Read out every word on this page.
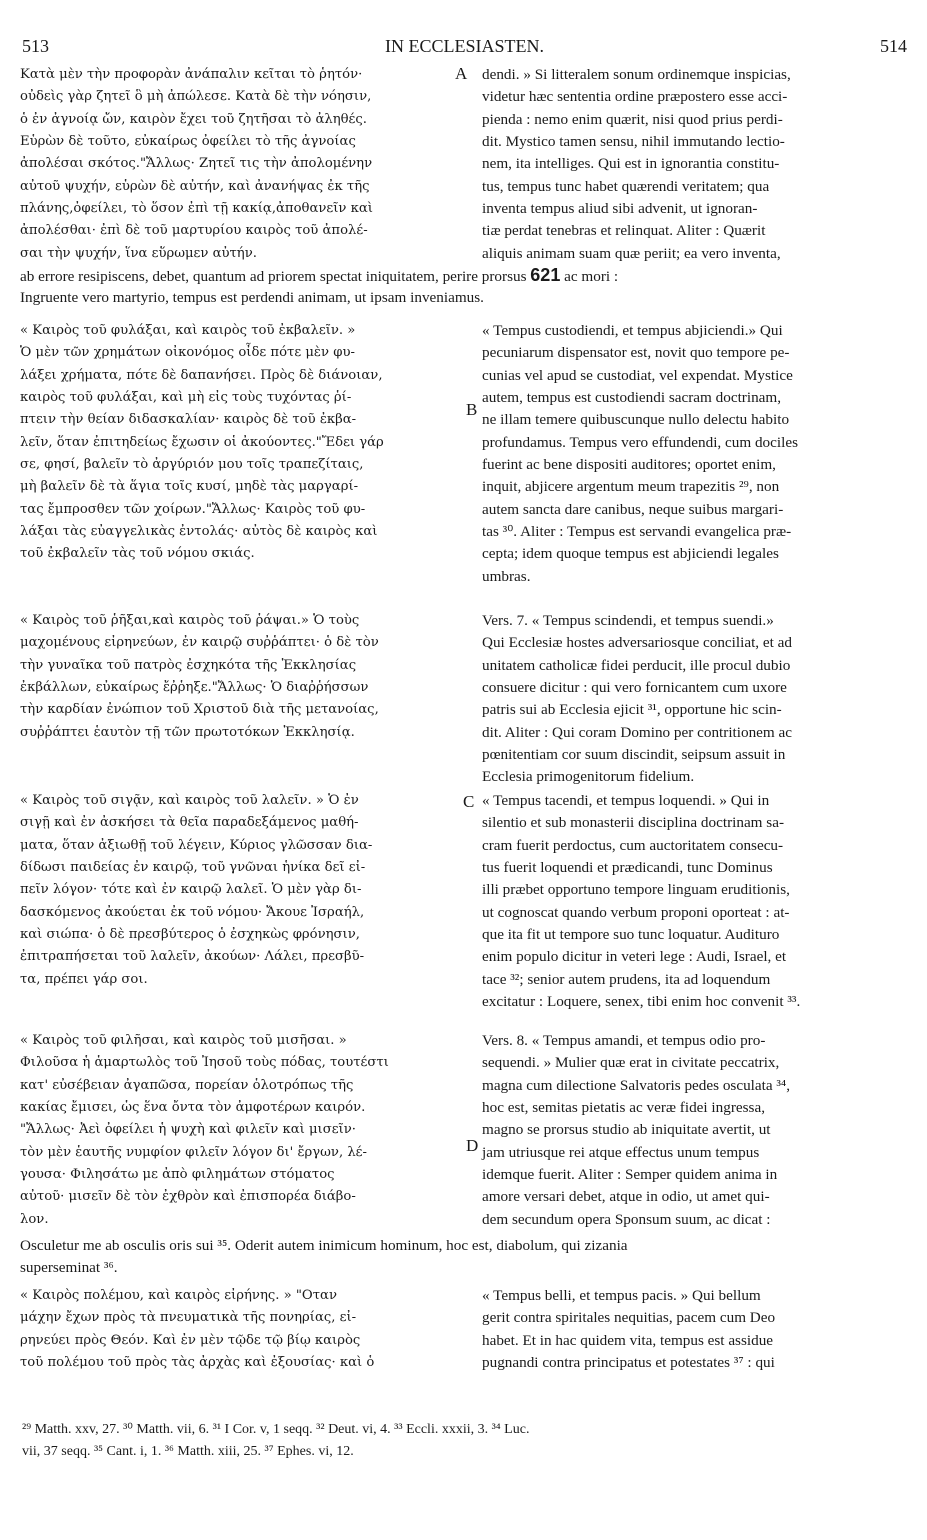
513	IN ECCLESIASTEN.	514
A
B
C
D
Κατὰ μὲν τὴν προφορὰν ἀνάπαλιν κεῖται τὸ ῥητόν·
οὐδεὶς γὰρ ζητεῖ ὃ μὴ ἀπώλεσε. Κατὰ δὲ τὴν νόησιν,
ὁ ἐν ἀγνοίᾳ ὤν, καιρὸν ἔχει τοῦ ζητῆσαι τὸ ἀληθές.
Εὑρὼν δὲ τοῦτο, εὐκαίρως ὀφείλει τὸ τῆς ἀγνοίας
ἀπολέσαι σκότος."Ἄλλως· Ζητεῖ τις τὴν ἀπολομένην
αὐτοῦ ψυχήν, εὑρὼν δὲ αὐτήν, καὶ ἀνανήψας ἐκ τῆς
πλάνης,ὀφείλει, τὸ ὅσον ἐπὶ τῇ κακίᾳ,ἀποθανεῖν καὶ
ἀπολέσθαι· ἐπὶ δὲ τοῦ μαρτυρίου καιρὸς τοῦ ἀπολέ-
σαι τὴν ψυχήν, ἵνα εὕρωμεν αὐτήν.
dendi. » Si litteralem sonum ordinemque inspicias,
videtur hæc sententia ordine præpostero esse acci-
pienda : nemo enim quærit, nisi quod prius perdi-
dit. Mystico tamen sensu, nihil immutando lectio-
nem, ita intelliges. Qui est in ignorantia constitu-
tus, tempus tunc habet quærendi veritatem; qua
inventa tempus aliud sibi advenit, ut ignoran-
tiæ perdat tenebras et relinquat. Aliter : Quærit
aliquis animam suam quæ periit; ea vero inventa,
ab errore resipiscens, debet, quantum ad priorem spectat iniquitatem, perire prorsus 621 ac mori :
Ingruente vero martyrio, tempus est perdendi animam, ut ipsam inveniamus.
« Καιρὸς τοῦ φυλάξαι, καὶ καιρὸς τοῦ ἐκβαλεῖν. »
Ὁ μὲν τῶν χρημάτων οἰκονόμος οἶδε πότε μὲν φυ-
λάξει χρήματα, πότε δὲ δαπανήσει. Πρὸς δὲ διάνοιαν,
καιρὸς τοῦ φυλάξαι, καὶ μὴ εἰς τοὺς τυχόντας ῥί-
πτειν τὴν θείαν διδασκαλίαν· καιρὸς δὲ τοῦ ἐκβα-
λεῖν, ὅταν ἐπιτηδείως ἔχωσιν οἱ ἀκούοντες."Ἔδει γάρ
σε, φησί, βαλεῖν τὸ ἀργύριόν μου τοῖς τραπεζίταις,
μὴ βαλεῖν δὲ τὰ ἅγια τοῖς κυσί, μηδὲ τὰς μαργαρί-
τας ἔμπροσθεν τῶν χοίρων."Ἄλλως· Καιρὸς τοῦ φυ-
λάξαι τὰς εὐαγγελικὰς ἐντολάς· αὐτὸς δὲ καιρὸς καὶ
τοῦ ἐκβαλεῖν τὰς τοῦ νόμου σκιάς.
« Tempus custodiendi, et tempus abjiciendi.» Qui
pecuniarum dispensator est, novit quo tempore pe-
cunias vel apud se custodiat, vel expendat. Mystice
autem, tempus est custodiendi sacram doctrinam,
ne illam temere quibuscunque nullo delectu habito
profundamus. Tempus vero effundendi, cum dociles
fuerint ac bene dispositi auditores; oportet enim,
inquit, abjicere argentum meum trapezitis ²⁹, non
autem sancta dare canibus, neque suibus margari-
tas ³⁰. Aliter : Tempus est servandi evangelica præ-
cepta; idem quoque tempus est abjiciendi legales
umbras.
« Καιρὸς τοῦ ῥῆξαι,καὶ καιρὸς τοῦ ῥάψαι.» Ὁ τοὺς
μαχομένους εἰρηνεύων, ἐν καιρῷ συῤῥάπτει· ὁ δὲ τὸν
τὴν γυναῖκα τοῦ πατρὸς ἐσχηκότα τῆς Ἐκκλησίας
ἐκβάλλων, εὐκαίρως ἔῤῥηξε."Ἄλλως· Ὁ διαῤῥήσσων
τὴν καρδίαν ἐνώπιον τοῦ Χριστοῦ διὰ τῆς μετανοίας,
συῤῥάπτει ἑαυτὸν τῇ τῶν πρωτοτόκων Ἐκκλησίᾳ.
Vers. 7. « Tempus scindendi, et tempus suendi.»
Qui Ecclesiæ hostes adversariosque conciliat, et ad
unitatem catholicæ fidei perducit, ille procul dubio
consuere dicitur : qui vero fornicantem cum uxore
patris sui ab Ecclesia ejicit ³¹, opportune hic scin-
dit. Aliter : Qui coram Domino per contritionem ac
pœnitentiam cor suum discindit, seipsum assuit in
Ecclesia primogenitorum fidelium.
« Καιρὸς τοῦ σιγᾷν, καὶ καιρὸς τοῦ λαλεῖν. » Ὁ ἐν
σιγῇ καὶ ἐν ἀσκήσει τὰ θεῖα παραδεξάμενος μαθή-
ματα, ὅταν ἀξιωθῇ τοῦ λέγειν, Κύριος γλῶσσαν δια-
δίδωσι παιδείας ἐν καιρῷ, τοῦ γνῶναι ἡνίκα δεῖ εἰ-
πεῖν λόγον· τότε καὶ ἐν καιρῷ λαλεῖ. Ὁ μὲν γὰρ δι-
δασκόμενος ἀκούεται ἐκ τοῦ νόμου· Ἄκουε Ἰσραήλ,
καὶ σιώπα· ὁ δὲ πρεσβύτερος ὁ ἐσχηκὼς φρόνησιν,
ἐπιτραπήσεται τοῦ λαλεῖν, ἀκούων· Λάλει, πρεσβῦ-
τα, πρέπει γάρ σοι.
« Tempus tacendi, et tempus loquendi. » Qui in
silentio et sub monasterii disciplina doctrinam sa-
cram fuerit perdoctus, cum auctoritatem consecu-
tus fuerit loquendi et prædicandi, tunc Dominus
illi præbet opportuno tempore linguam eruditionis,
ut cognoscat quando verbum proponi oporteat : at-
que ita fit ut tempore suo tunc loquatur. Audituro
enim populo dicitur in veteri lege : Audi, Israel, et
tace ³²; senior autem prudens, ita ad loquendum
excitatur : Loquere, senex, tibi enim hoc convenit ³³.
« Καιρὸς τοῦ φιλῆσαι, καὶ καιρὸς τοῦ μισῆσαι. »
Φιλοῦσα ἡ ἁμαρτωλὸς τοῦ Ἰησοῦ τοὺς πόδας, τουτέστι
κατ' εὐσέβειαν ἀγαπῶσα, πορείαν ὁλοτρόπως τῆς
κακίας ἔμισει, ὡς ἕνα ὄντα τὸν ἀμφοτέρων καιρόν.
"Ἄλλως· Ἀεὶ ὀφείλει ἡ ψυχὴ καὶ φιλεῖν καὶ μισεῖν·
τὸν μὲν ἑαυτῆς νυμφίον φιλεῖν λόγον δι' ἔργων, λέ-
γουσα· Φιλησάτω με ἀπὸ φιλημάτων στόματος
αὐτοῦ· μισεῖν δὲ τὸν ἐχθρὸν καὶ ἐπισπορέα διάβο-
λον.
Vers. 8. « Tempus amandi, et tempus odio pro-
sequendi. » Mulier quæ erat in civitate peccatrix,
magna cum dilectione Salvatoris pedes osculata ³⁴,
hoc est, semitas pietatis ac veræ fidei ingressa,
magno se prorsus studio ab iniquitate avertit, ut
jam utriusque rei atque effectus unum tempus
idemque fuerit. Aliter : Semper quidem anima in
amore versari debet, atque in odio, ut amet qui-
dem secundum opera Sponsum suum, ac dicat :
Osculetur me ab osculis oris sui ³⁵. Oderit autem inimicum hominum, hoc est, diabolum, qui zizania
superseminat ³⁶.
« Καιρὸς πολέμου, καὶ καιρὸς εἰρήνης. » "Οταν
μάχην ἔχων πρὸς τὰ πνευματικὰ τῆς πονηρίας, εἰ-
ρηνεύει πρὸς Θεόν. Καὶ ἐν μὲν τῷδε τῷ βίῳ καιρὸς
τοῦ πολέμου τοῦ πρὸς τὰς ἀρχὰς καὶ ἐξουσίας· καὶ ὁ
« Tempus belli, et tempus pacis. » Qui bellum
gerit contra spiritales nequitias, pacem cum Deo
habet. Et in hac quidem vita, tempus est assidue
pugnandi contra principatus et potestates ³⁷ : qui
²⁹ Matth. xxv, 27. ³⁰ Matth. vii, 6. ³¹ I Cor. v, 1 seqq. ³² Deut. vi, 4. ³³ Eccli. xxxii, 3. ³⁴ Luc.
vii, 37 seqq. ³⁵ Cant. i, 1. ³⁶ Matth. xiii, 25. ³⁷ Ephes. vi, 12.
